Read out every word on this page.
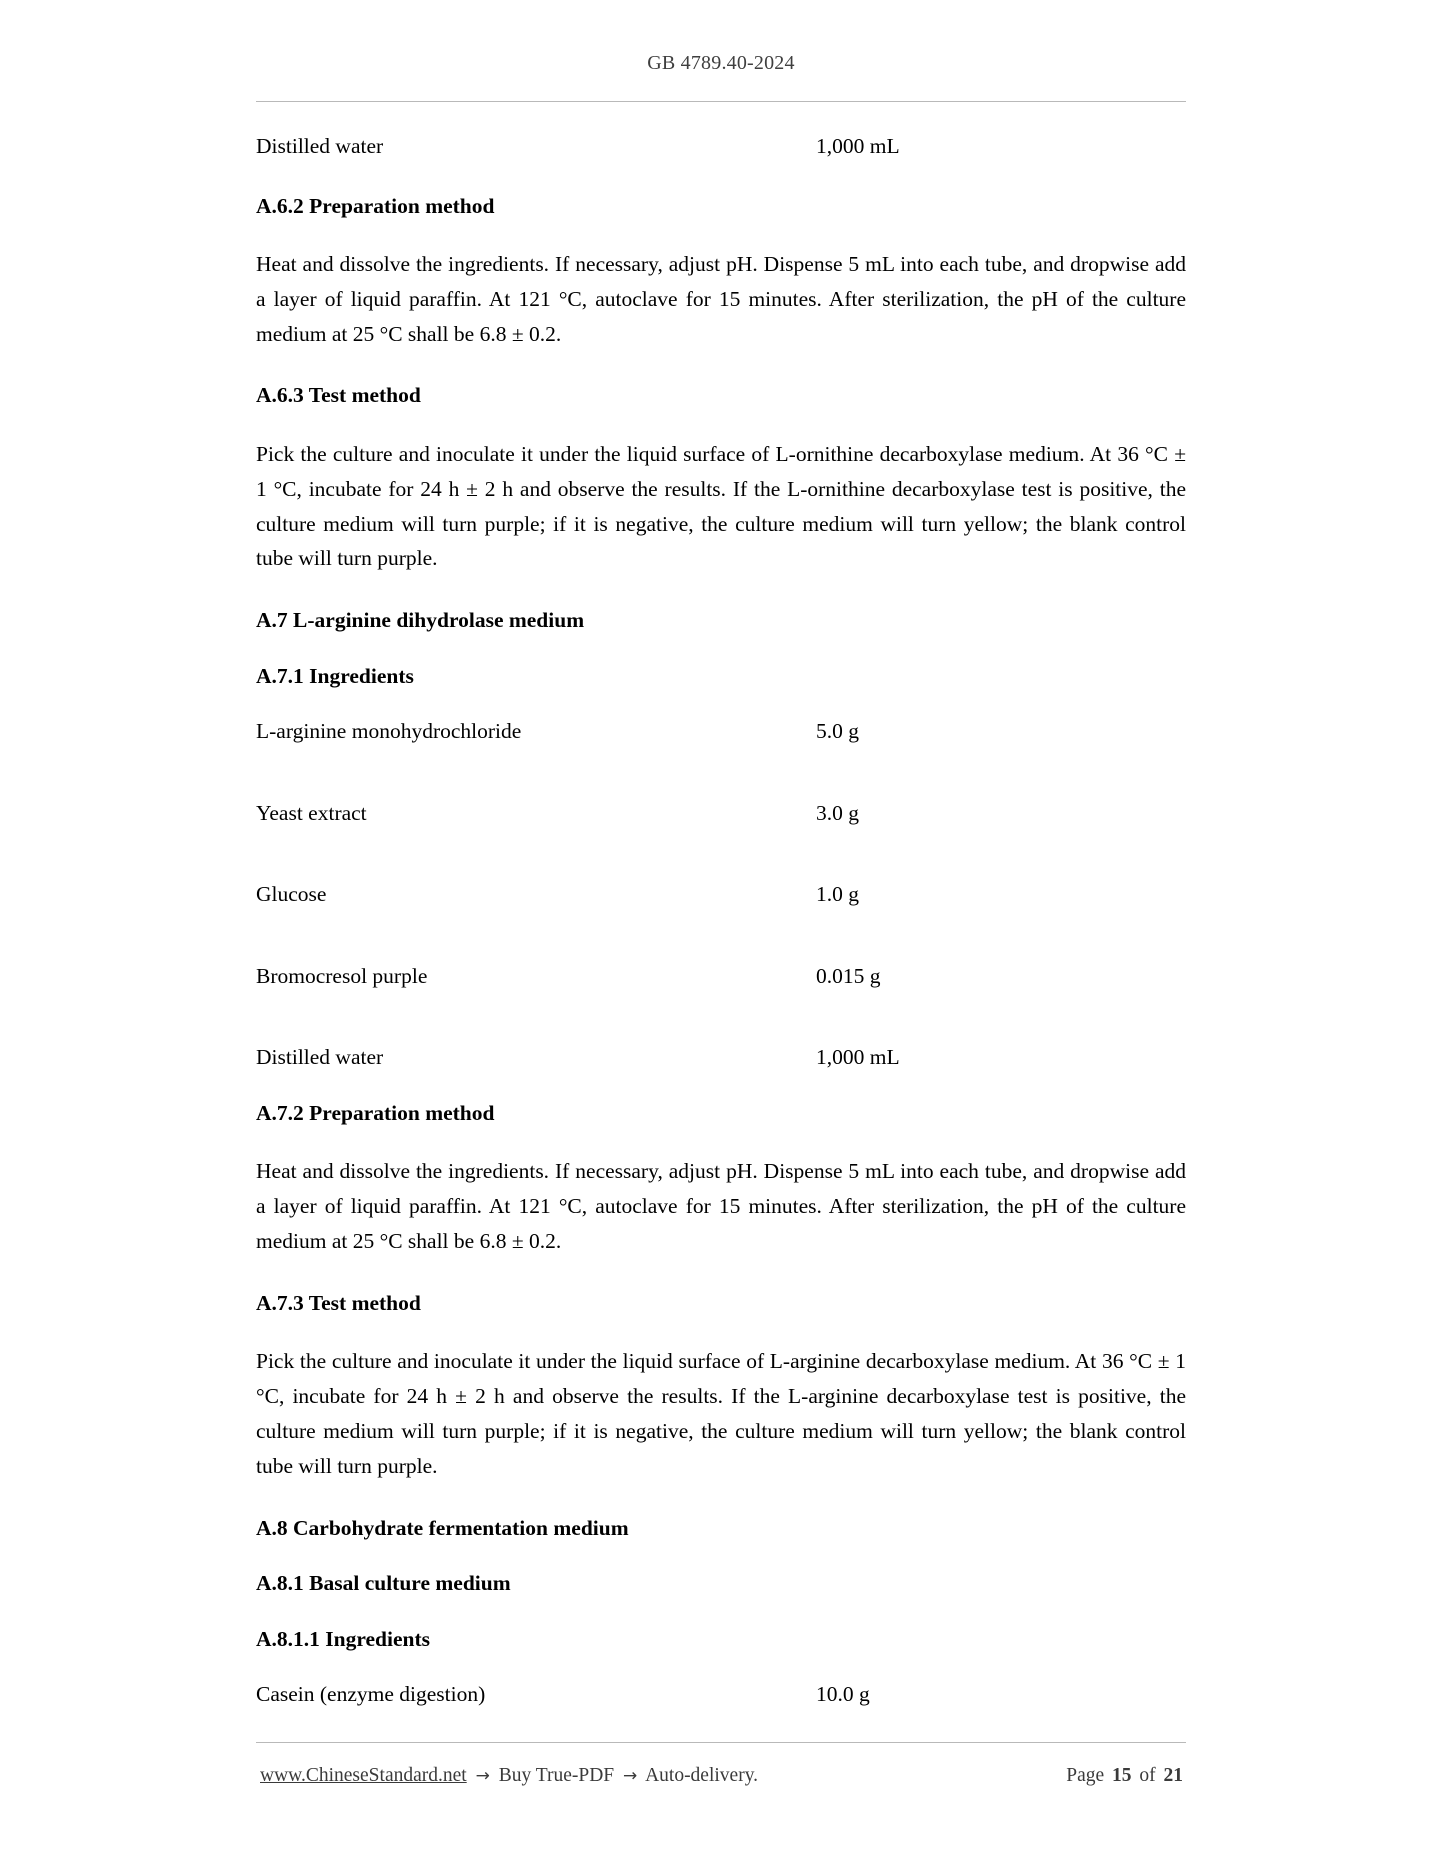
GB 4789.40-2024
Distilled water	1,000 mL
A.6.2 Preparation method

Heat and dissolve the ingredients. If necessary, adjust pH. Dispense 5 mL into each tube, and dropwise add a layer of liquid paraffin. At 121 °C, autoclave for 15 minutes. After sterilization, the pH of the culture medium at 25 °C shall be 6.8 ± 0.2.

A.6.3 Test method

Pick the culture and inoculate it under the liquid surface of L-ornithine decarboxylase medium. At 36 °C ± 1 °C, incubate for 24 h ± 2 h and observe the results. If the L-ornithine decarboxylase test is positive, the culture medium will turn purple; if it is negative, the culture medium will turn yellow; the blank control tube will turn purple.

A.7 L-arginine dihydrolase medium
A.7.1 Ingredients
L-arginine monohydrochloride	5.0 g
Yeast extract	3.0 g
Glucose	1.0 g
Bromocresol purple	0.015 g
Distilled water	1,000 mL
A.7.2 Preparation method

Heat and dissolve the ingredients. If necessary, adjust pH. Dispense 5 mL into each tube, and dropwise add a layer of liquid paraffin. At 121 °C, autoclave for 15 minutes. After sterilization, the pH of the culture medium at 25 °C shall be 6.8 ± 0.2.

A.7.3 Test method

Pick the culture and inoculate it under the liquid surface of L-arginine decarboxylase medium. At 36 °C ± 1 °C, incubate for 24 h ± 2 h and observe the results. If the L-arginine decarboxylase test is positive, the culture medium will turn purple; if it is negative, the culture medium will turn yellow; the blank control tube will turn purple.

A.8 Carbohydrate fermentation medium
A.8.1 Basal culture medium
A.8.1.1 Ingredients
Casein (enzyme digestion)	10.0 g
www.ChineseStandard.net → Buy True-PDF → Auto-delivery.	Page 15 of 21
